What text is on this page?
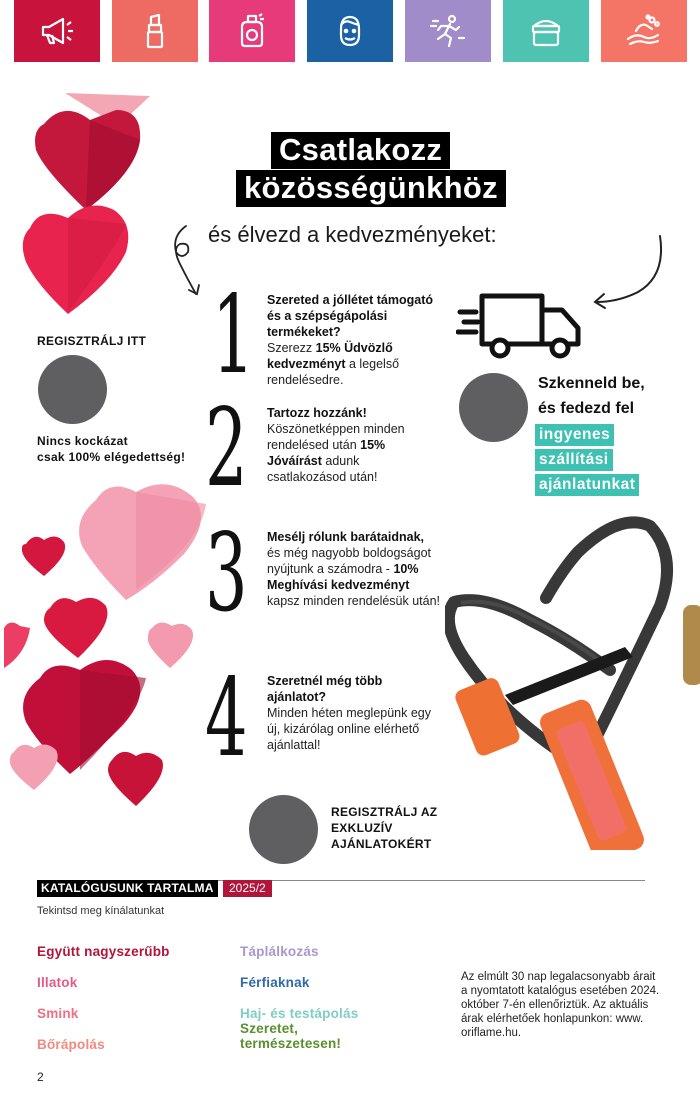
Csatlakozz
közösségünkhöz
és élvezd a kedvezményeket:
REGISZTRÁLJ ITT
Nincs kockázat
csak 100% elégedettség!
1 Szereted a jóllétet támogató és a szépségápolási termékeket?
Szerezz 15% Üdvözlő kedvezményt a legelső rendelésedre.
2 Tartozz hozzánk!
Köszönetképpen minden rendelésed után 15% Jóváírást adunk csatlakozásod után!
3 Mesélj rólunk barátaidnak,
és még nagyobb boldogságot nyújtunk a számodra - 10% Meghívási kedvezményt kapsz minden rendelésük után!
4 Szeretnél még több ajánlatot?
Minden héten meglepünk egy új, kizárólag online elérhető ajánlattal!
Szkenneld be,
és fedezd fel
ingyenes
szállítási
ajánlatunkat
REGISZTRÁLJ AZ
EXKLUZÍV
AJÁNLATOKÉRT
KATALÓGUSUNK TARTALMA	2025/2
Tekintsd meg kínálatunkat
Együtt nagyszerűbb
Illatok
Smink
Bőrápolás
Táplálkozás
Férfiaknak
Haj- és testápolás
Szeretet, természetesen!
Az elmúlt 30 nap legalacsonyabb árait a nyomtatott katalógus esetében 2024. október 7-én ellenőriztük. Az aktuális árak elérhetőek honlapunkon: www. oriflame.hu.
2
